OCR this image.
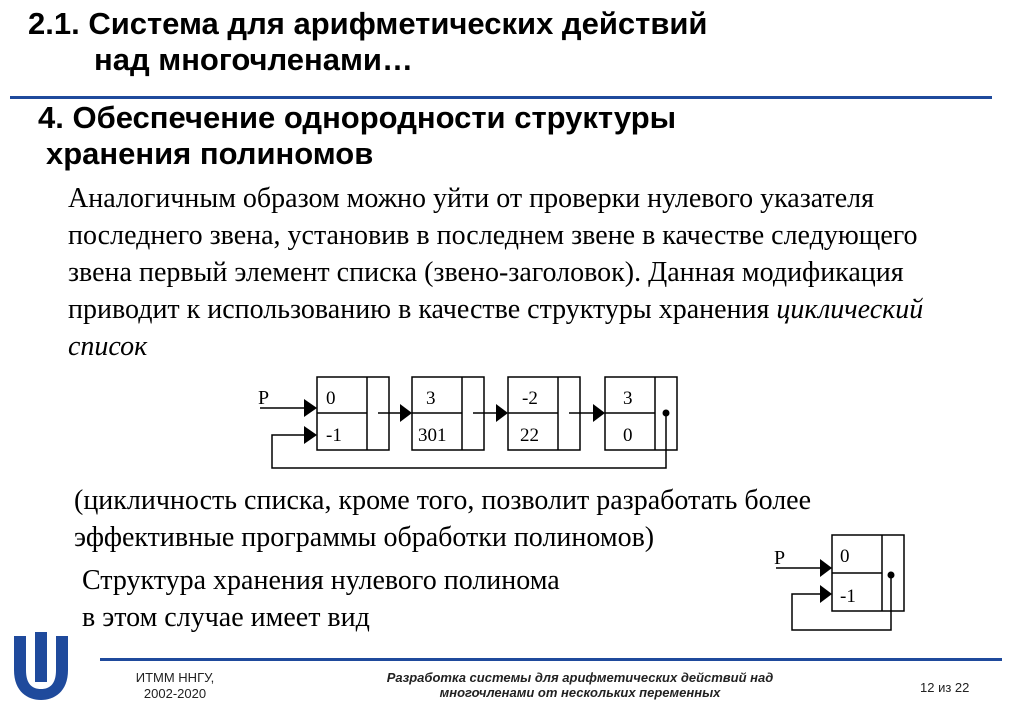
2.1. Система для арифметических действий
над многочленами…
4. Обеспечение однородности структуры
хранения полиномов

Аналогичным образом можно уйти от проверки нулевого указателя последнего звена, установив в последнем звене в качестве следующего звена первый элемент списка (звено-заголовок). Данная модификация приводит к использованию в качестве структуры хранения циклический список

P	0
-1
3
301
-2
22
3
0

(цикличность списка, кроме того, позволит разработать более эффективные программы обработки полиномов)

Структура хранения нулевого полинома
в этом случае имеет вид

P	0
-1
ИТММ ННГУ,
2002-2020
Разработка системы для арифметических действий над
многочленами от нескольких переменных	12 из 22
